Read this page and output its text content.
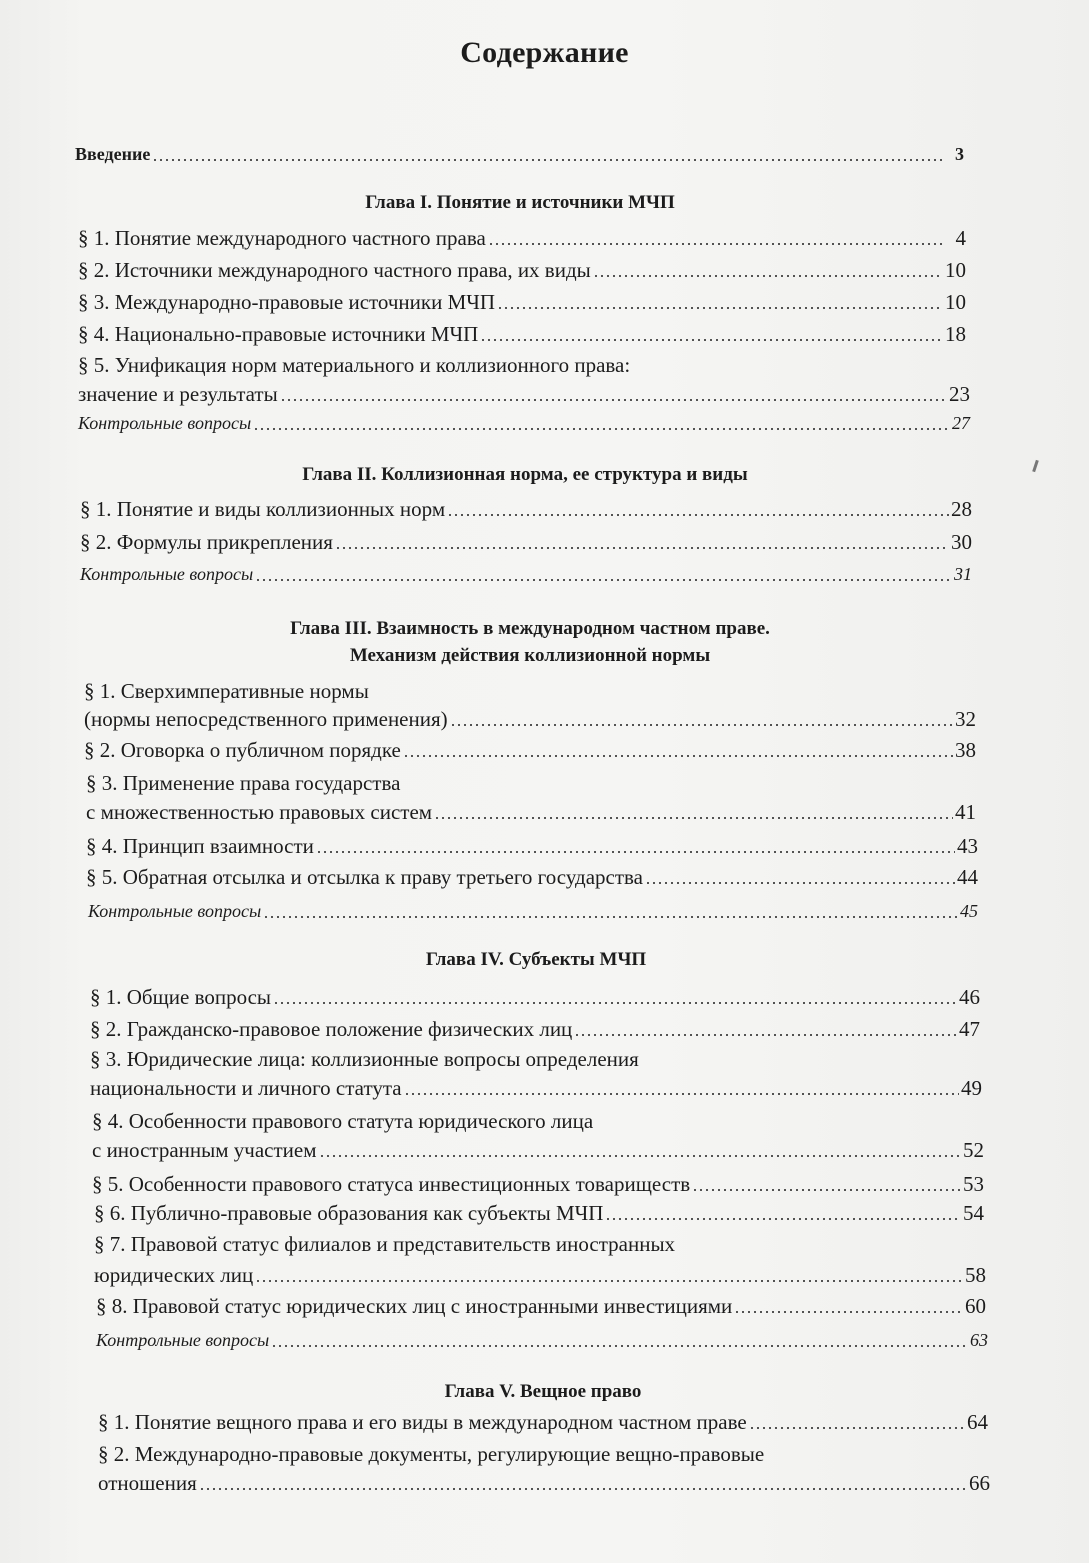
Содержание
Введение	3
Глава I. Понятие и источники МЧП
§ 1. Понятие международного частного права	4
§ 2. Источники международного частного права, их виды	10
§ 3. Международно-правовые источники МЧП	10
§ 4. Национально-правовые источники МЧП	18
§ 5. Унификация норм материального и коллизионного права:
значение и результаты	23
Контрольные вопросы	27
Глава II. Коллизионная норма, ее структура и виды
§ 1. Понятие и виды коллизионных норм	28
§ 2. Формулы прикрепления	30
Контрольные вопросы	31
Глава III. Взаимность в международном частном праве.
Механизм действия коллизионной нормы
§ 1. Сверхимперативные нормы
(нормы непосредственного применения)	32
§ 2. Оговорка о публичном порядке	38
§ 3. Применение права государства
с множественностью правовых систем	41
§ 4. Принцип взаимности	43
§ 5. Обратная отсылка и отсылка к праву третьего государства	44
Контрольные вопросы	45
Глава IV. Субъекты МЧП
§ 1. Общие вопросы	46
§ 2. Гражданско-правовое положение физических лиц	47
§ 3. Юридические лица: коллизионные вопросы определения
национальности и личного статута	49
§ 4. Особенности правового статута юридического лица
с иностранным участием	52
§ 5. Особенности правового статуса инвестиционных товариществ	53
§ 6. Публично-правовые образования как субъекты МЧП	54
§ 7. Правовой статус филиалов и представительств иностранных
юридических лиц	58
§ 8. Правовой статус юридических лиц с иностранными инвестициями	60
Контрольные вопросы	63
Глава V. Вещное право
§ 1. Понятие вещного права и его виды в международном частном праве	64
§ 2. Международно-правовые документы, регулирующие вещно-правовые
отношения	66
